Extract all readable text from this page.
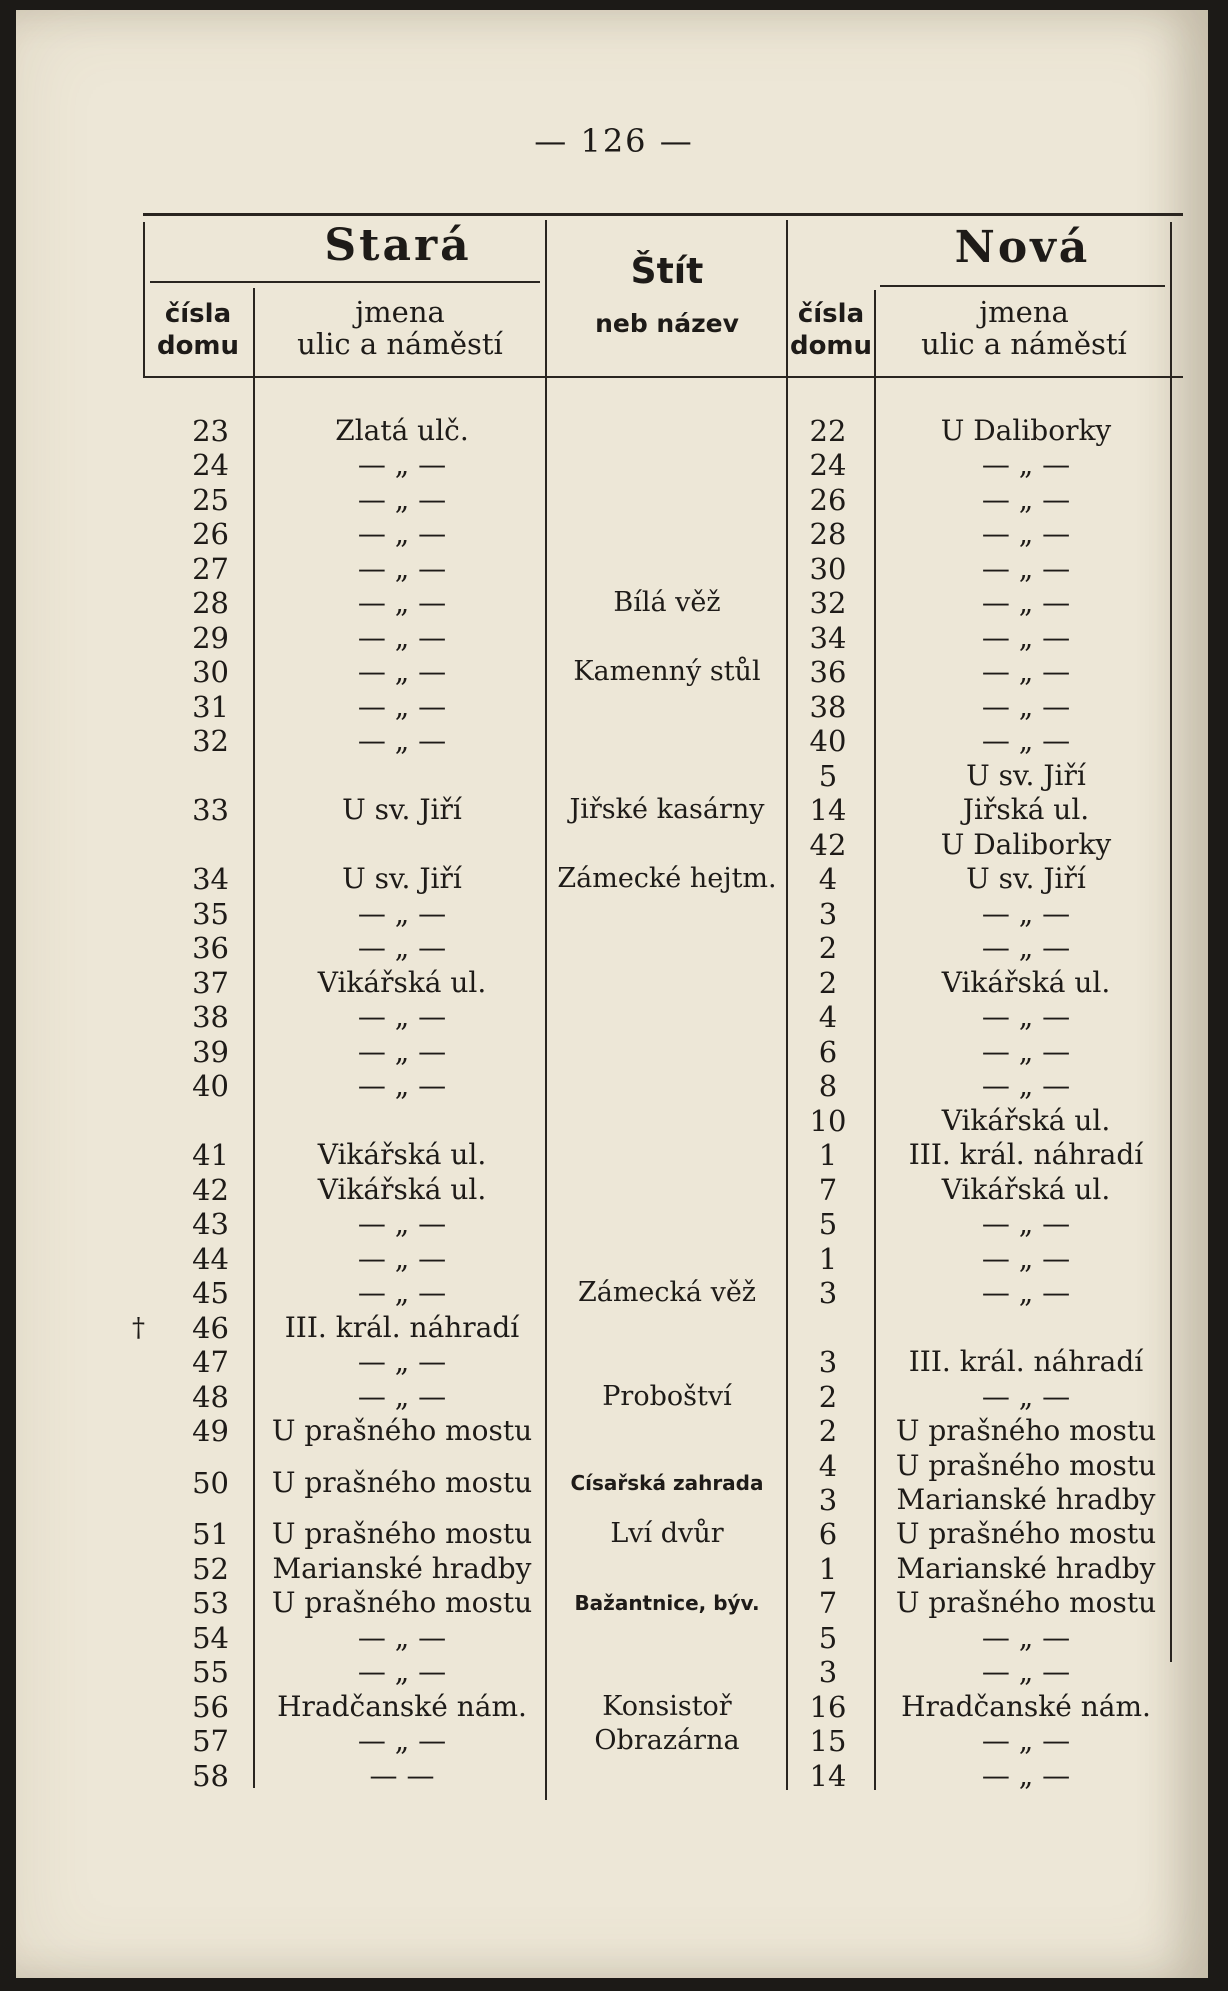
— 126 —
Stará	Nová
čísla
domu
jmena
ulic a náměstí
Štít
neb název	čísla
domu
jmena
ulic a náměstí
23	Zlatá ulč.	22	U Daliborky
24	— „ —	24	— „ —
25	— „ —	26	— „ —
26	— „ —	28	— „ —
27	— „ —	30	— „ —
28	— „ —	Bílá věž	32	— „ —
29	— „ —	34	— „ —
30	— „ —	Kamenný stůl	36	— „ —
31	— „ —	38	— „ —
32	— „ —	40	— „ —
5	U sv. Jiří
33	U sv. Jiří	Jiřské kasárny	14	Jiřská ul.
42	U Daliborky
34	U sv. Jiří	Zámecké hejtm.	4	U sv. Jiří
35	— „ —	3	— „ —
36	— „ —	2	— „ —
37	Vikářská ul.	2	Vikářská ul.
38	— „ —	4	— „ —
39	— „ —	6	— „ —
40	— „ —	8	— „ —
10	Vikářská ul.
41	Vikářská ul.	1	III. král. náhradí
42	Vikářská ul.	7	Vikářská ul.
43	— „ —	5	— „ —
44	— „ —	1	— „ —
45	— „ —	Zámecká věž	3	— „ —
46	III. král. náhradí
†
47	— „ —	3	III. král. náhradí
48	— „ —	Proboštví	2	— „ —
49	U prašného mostu	2	U prašného mostu
4	U prašného mostu
50	U prašného mostu	Císařská zahrada	3	Marianské hradby
51	U prašného mostu	Lví dvůr	6	U prašného mostu
52	Marianské hradby	1	Marianské hradby
53	U prašného mostu	Bažantnice, býv.	7	U prašného mostu
54	— „ —	5	— „ —
55	— „ —	3	— „ —
56	Hradčanské nám.	Konsistoř	16	Hradčanské nám.
57	— „ —	Obrazárna	15	— „ —
58	— —	14	— „ —
